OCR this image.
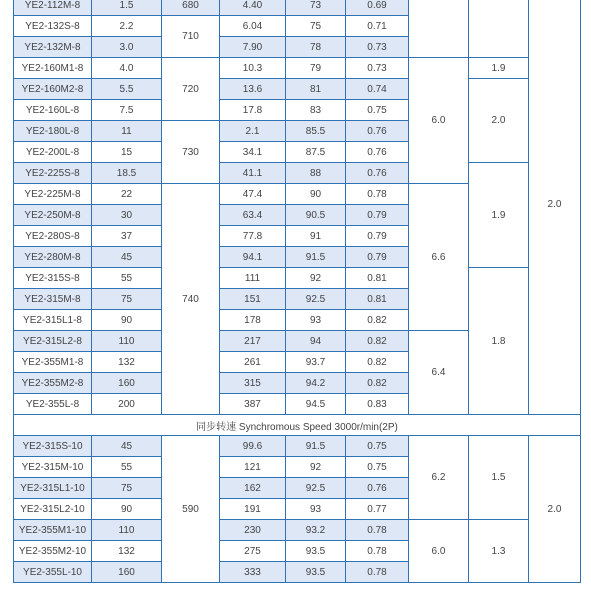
YE2-112M-8	1.5	680	4.40	73	0.69			2.0
YE2-132S-8	2.2	710	6.04	75	0.71			
YE2-132M-8	3.0		7.90	78	0.73			
YE2-160M1-8	4.0	720	10.3	79	0.73	6.0	1.9	
YE2-160M2-8	5.5		13.6	81	0.74		2.0	
YE2-160L-8	7.5		17.8	83	0.75			
YE2-180L-8	11	730	2.1	85.5	0.76			
YE2-200L-8	15		34.1	87.5	0.76			
YE2-225S-8	18.5		41.1	88	0.76		1.9	
YE2-225M-8	22	740	47.4	90	0.78	6.6		
YE2-250M-8	30		63.4	90.5	0.79			
YE2-280S-8	37		77.8	91	0.79			
YE2-280M-8	45		94.1	91.5	0.79			
YE2-315S-8	55		111	92	0.81		1.8	
YE2-315M-8	75		151	92.5	0.81			
YE2-315L1-8	90		178	93	0.82			
YE2-315L2-8	110		217	94	0.82	6.4		
YE2-355M1-8	132		261	93.7	0.82			
YE2-355M2-8	160		315	94.2	0.82			
YE2-355L-8	200		387	94.5	0.83			
同步转速 Synchromous Speed 3000r/min(2P)								
YE2-315S-10	45	590	99.6	91.5	0.75	6.2	1.5	2.0
YE2-315M-10	55		121	92	0.75			
YE2-315L1-10	75		162	92.5	0.76			
YE2-315L2-10	90		191	93	0.77			
YE2-355M1-10	110		230	93.2	0.78	6.0	1.3	
YE2-355M2-10	132		275	93.5	0.78			
YE2-355L-10	160		333	93.5	0.78			
